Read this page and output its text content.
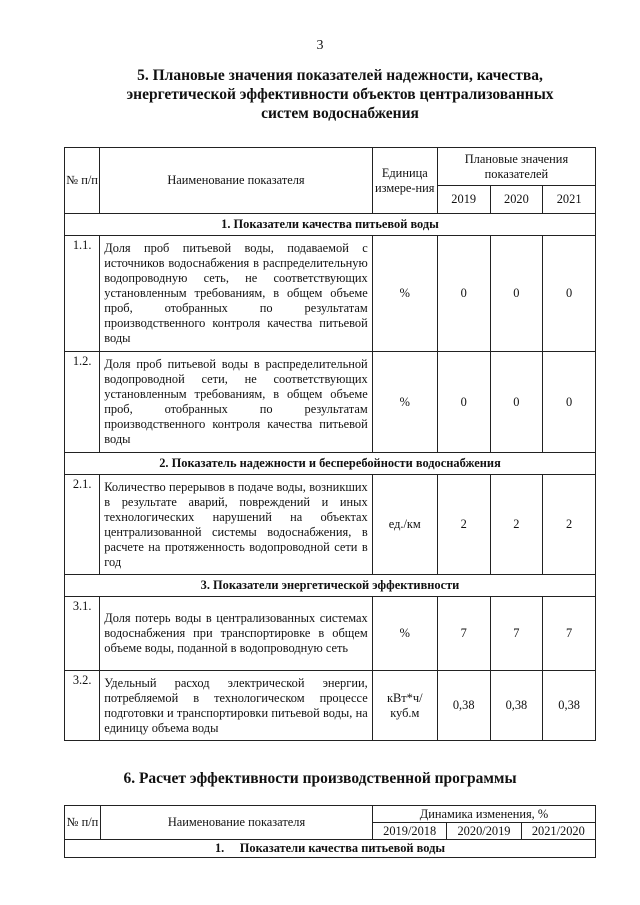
3
5. Плановые значения показателей надежности, качества,
энергетической эффективности объектов централизованных
систем водоснабжения
№ п/п	Наименование показателя	Единица измере-ния	Плановые значения показателей		
			2019	2020	2021
1. Показатели качества питьевой воды					
1.1.	Доля проб питьевой воды, подаваемой с источников водоснабжения в распределительную водопроводную сеть, не соответствующих установленным требованиям, в общем объеме проб, отобранных по результатам производственного контроля качества питьевой воды	%	0	0	0
1.2.	Доля проб питьевой воды в распределительной водопроводной сети, не соответствующих установленным требованиям, в общем объеме проб, отобранных по результатам производственного контроля качества питьевой воды	%	0	0	0
2. Показатель надежности и бесперебойности водоснабжения					
2.1.	Количество перерывов в подаче воды, возникших в результате аварий, повреждений и иных технологических нарушений на объектах централизованной системы водоснабжения, в расчете на протяженность водопроводной сети в год	ед./км	2	2	2
3. Показатели энергетической эффективности					
3.1.	Доля потерь воды в централизованных системах водоснабжения при транспортировке в общем объеме воды, поданной в водопроводную сеть	%	7	7	7
3.2.	Удельный расход электрической энергии, потребляемой в технологическом процессе подготовки и транспортировки питьевой воды, на единицу объема воды	кВт*ч/ куб.м	0,38	0,38	0,38
6. Расчет эффективности производственной программы
№ п/п	Наименование показателя	Динамика изменения, %		
		2019/2018	2020/2019	2021/2020
1.     Показатели качества питьевой воды				
